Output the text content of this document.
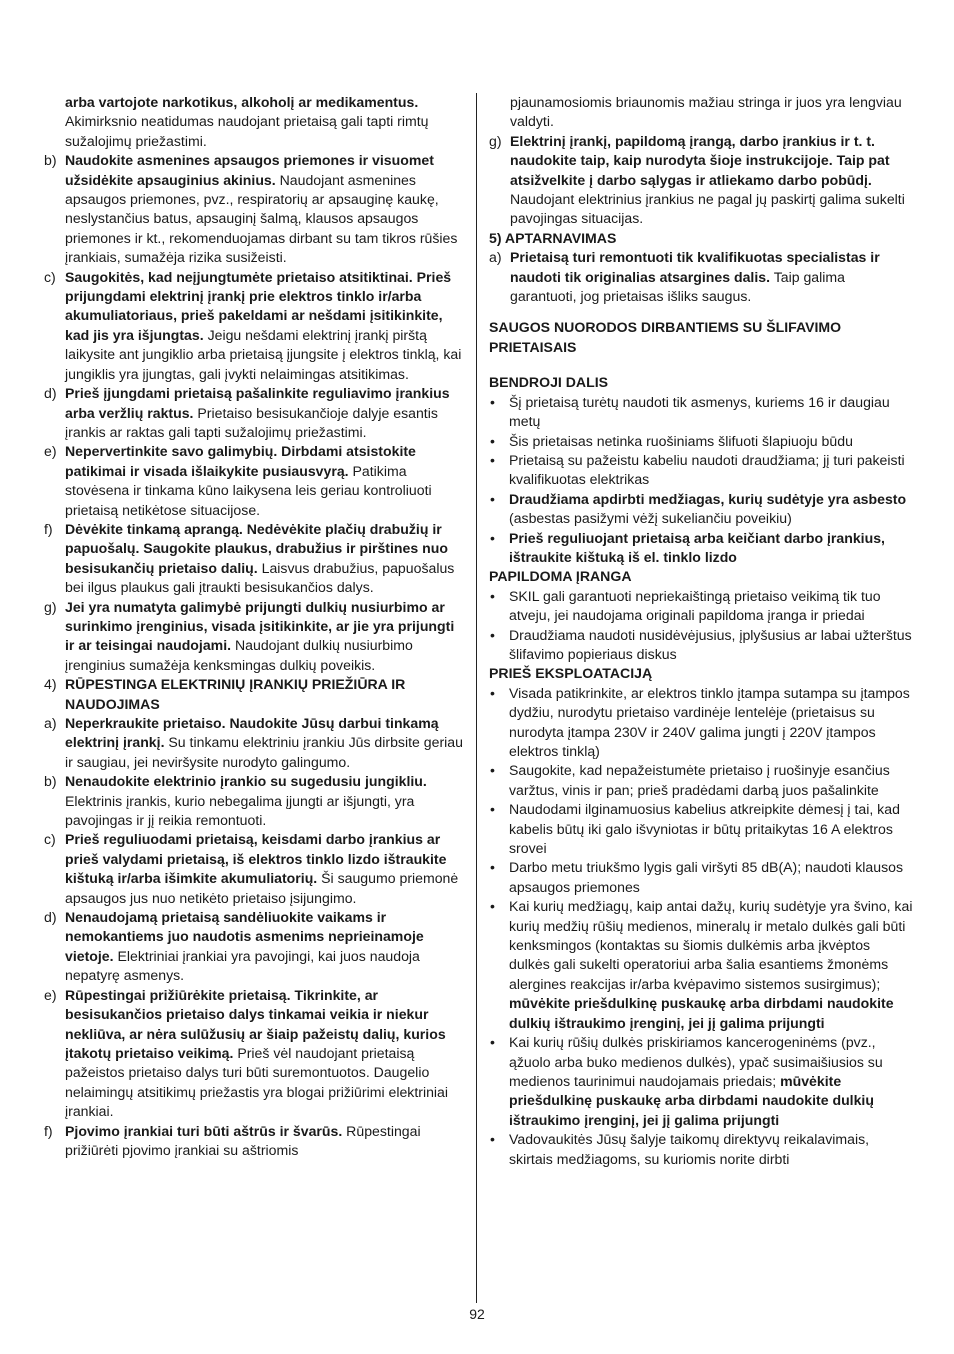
arba vartojote narkotikus, alkoholį ar medikamentus. Akimirksnio neatidumas naudojant prietaisą gali tapti rimtų sužalojimų priežastimi.
b) Naudokite asmenines apsaugos priemones ir visuomet užsidėkite apsauginius akinius. Naudojant asmenines apsaugos priemones, pvz., respiratorių ar apsauginę kaukę, neslystančius batus, apsauginį šalmą, klausos apsaugos priemones ir kt., rekomenduojamas dirbant su tam tikros rūšies įrankiais, sumažėja rizika susižeisti.
c) Saugokitės, kad neįjungtumėte prietaiso atsitiktinai. Prieš prijungdami elektrinį įrankį prie elektros tinklo ir/arba akumuliatoriaus, prieš pakeldami ar nešdami įsitikinkite, kad jis yra išjungtas. Jeigu nešdami elektrinį įrankį pirštą laikysite ant jungiklio arba prietaisą įjungsite į elektros tinklą, kai jungiklis yra įjungtas, gali įvykti nelaimingas atsitikimas.
d) Prieš įjungdami prietaisą pašalinkite reguliavimo įrankius arba veržlių raktus. Prietaiso besisukančioje dalyje esantis įrankis ar raktas gali tapti sužalojimų priežastimi.
e) Nepervertinkite savo galimybių. Dirbdami atsistokite patikimai ir visada išlaikykite pusiausvyrą. Patikima stovėsena ir tinkama kūno laikysena leis geriau kontroliuoti prietaisą netikėtose situacijose.
f) Dėvėkite tinkamą aprangą. Nedėvėkite plačių drabužių ir papuošalų. Saugokite plaukus, drabužius ir pirštines nuo besisukančių prietaiso dalių. Laisvus drabužius, papuošalus bei ilgus plaukus gali įtraukti besisukančios dalys.
g) Jei yra numatyta galimybė prijungti dulkių nusiurbimo ar surinkimo įrenginius, visada įsitikinkite, ar jie yra prijungti ir ar teisingai naudojami. Naudojant dulkių nusiurbimo įrenginius sumažėja kenksmingas dulkių poveikis.
4) RŪPESTINGA ELEKTRINIŲ ĮRANKIŲ PRIEŽIŪRA IR NAUDOJIMAS
a) Neperkraukite prietaiso. Naudokite Jūsų darbui tinkamą elektrinį įrankį. Su tinkamu elektriniu įrankiu Jūs dirbsite geriau ir saugiau, jei neviršysite nurodyto galingumo.
b) Nenaudokite elektrinio įrankio su sugedusiu jungikliu. Elektrinis įrankis, kurio nebegalima įjungti ar išjungti, yra pavojingas ir jį reikia remontuoti.
c) Prieš reguliuodami prietaisą, keisdami darbo įrankius ar prieš valydami prietaisą, iš elektros tinklo lizdo ištraukite kištuką ir/arba išimkite akumuliatorių. Ši saugumo priemonė apsaugos jus nuo netikėto prietaiso įsijungimo.
d) Nenaudojamą prietaisą sandėliuokite vaikams ir nemokantiems juo naudotis asmenims neprieinamoje vietoje. Elektriniai įrankiai yra pavojingi, kai juos naudoja nepatyrę asmenys.
e) Rūpestingai prižiūrėkite prietaisą. Tikrinkite, ar besisukančios prietaiso dalys tinkamai veikia ir niekur nekliūva, ar nėra sulūžusių ar šiaip pažeistų dalių, kurios įtakotų prietaiso veikimą. Prieš vėl naudojant prietaisą pažeistos prietaiso dalys turi būti suremontuotos. Daugelio nelaimingų atsitikimų priežastis yra blogai prižiūrimi elektriniai įrankiai.
f) Pjovimo įrankiai turi būti aštrūs ir švarūs. Rūpestingai prižiūrėti pjovimo įrankiai su aštriomis
pjaunamosiomis briaunomis mažiau stringa ir juos yra lengviau valdyti.
g) Elektrinį įrankį, papildomą įrangą, darbo įrankius ir t. t. naudokite taip, kaip nurodyta šioje instrukcijoje. Taip pat atsižvelkite į darbo sąlygas ir atliekamo darbo pobūdį. Naudojant elektrinius įrankius ne pagal jų paskirtį galima sukelti pavojingas situacijas.
5) APTARNAVIMAS
a) Prietaisą turi remontuoti tik kvalifikuotas specialistas ir naudoti tik originalias atsargines dalis. Taip galima garantuoti, jog prietaisas išliks saugus.
SAUGOS NUORODOS DIRBANTIEMS SU ŠLIFAVIMO PRIETAISAIS
BENDROJI DALIS
• Šį prietaisą turėtų naudoti tik asmenys, kuriems 16 ir daugiau metų
• Šis prietaisas netinka ruošiniams šlifuoti šlapiuoju būdu
• Prietaisą su pažeistu kabeliu naudoti draudžiama; jį turi pakeisti kvalifikuotas elektrikas
• Draudžiama apdirbti medžiagas, kurių sudėtyje yra asbesto (asbestas pasižymi vėžį sukeliančiu poveikiu)
• Prieš reguliuojant prietaisą arba keičiant darbo įrankius, ištraukite kištuką iš el. tinklo lizdo
PAPILDOMA ĮRANGA
• SKIL gali garantuoti nepriekaištingą prietaiso veikimą tik tuo atveju, jei naudojama originali papildoma įranga ir priedai
• Draudžiama naudoti nusidėvėjusius, įplyšusius ar labai užterštus šlifavimo popieriaus diskus
PRIEŠ EKSPLOATACIJĄ
• Visada patikrinkite, ar elektros tinklo įtampa sutampa su įtampos dydžiu, nurodytu prietaiso vardinėje lentelėje (prietaisus su nurodyta įtampa 230V ir 240V galima jungti į 220V įtampos elektros tinklą)
• Saugokite, kad nepažeistumėte prietaiso į ruošinyje esančius varžtus, vinis ir pan; prieš pradėdami darbą juos pašalinkite
• Naudodami ilginamuosius kabelius atkreipkite dėmesį į tai, kad kabelis būtų iki galo išvyniotas ir būtų pritaikytas 16 A elektros srovei
• Darbo metu triukšmo lygis gali viršyti 85 dB(A); naudoti klausos apsaugos priemones
• Kai kurių medžiagų, kaip antai dažų, kurių sudėtyje yra švino, kai kurių medžių rūšių medienos, mineralų ir metalo dulkės gali būti kenksmingos (kontaktas su šiomis dulkėmis arba įkvėptos dulkės gali sukelti operatoriui arba šalia esantiems žmonėms alergines reakcijas ir/arba kvėpavimo sistemos susirgimus); mūvėkite priešdulkinę puskaukę arba dirbdami naudokite dulkių ištraukimo įrenginį, jei jį galima prijungti
• Kai kurių rūšių dulkės priskiriamos kancerogeninėms (pvz., ąžuolo arba buko medienos dulkės), ypač susimaišiusios su medienos taurinimui naudojamais priedais; mūvėkite priešdulkinę puskaukę arba dirbdami naudokite dulkių ištraukimo įrenginį, jei jį galima prijungti
• Vadovaukitės Jūsų šalyje taikomų direktyvų reikalavimais, skirtais medžiagoms, su kuriomis norite dirbti
92
